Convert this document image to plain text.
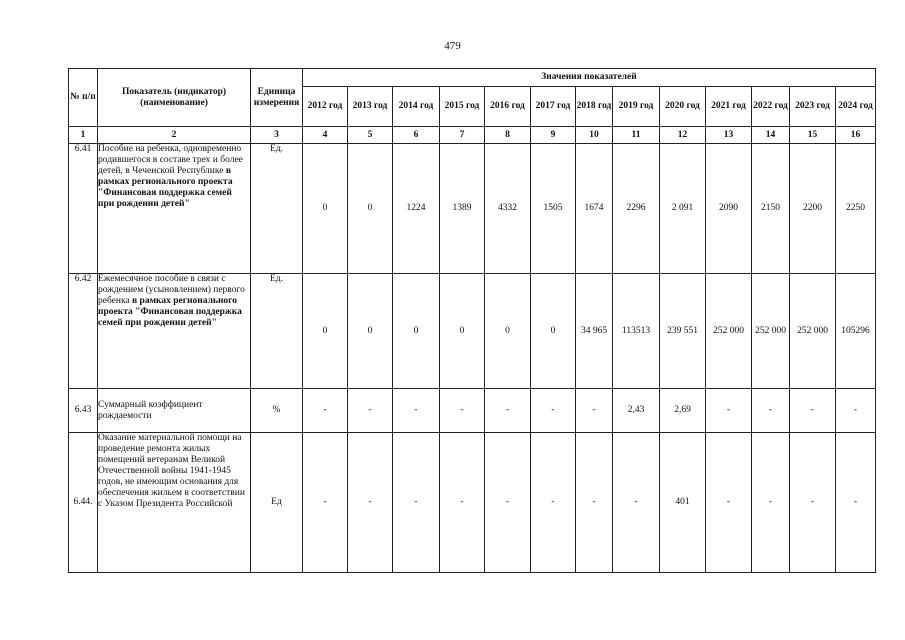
479
№ п/п	Показатель (индикатор) (наименование)	Единица измерения	Значения показателей												
			2012 год	2013 год	2014 год	2015 год	2016 год	2017 год	2018 год	2019 год	2020 год	2021 год	2022 год	2023 год	2024 год
1	2	3	4	5	6	7	8	9	10	11	12	13	14	15	16
6.41	Пособие на ребенка, одновременно родившегося в составе трех и более детей, в Чеченской Республике в рамках регионального проекта "Финансовая поддержка семей при рождении детей"	Ед.	0	0	1224	1389	4332	1505	1674	2296	2 091	2090	2150	2200	2250
6.42	Ежемесячное пособие в связи с рождением (усыновлением) первого ребенка в рамках регионального проекта "Финансовая поддержка семей при рождении детей"	Ед.	0	0	0	0	0	0	34 965	113513	239 551	252 000	252 000	252 000	105296
6.43	Суммарный коэффициент рождаемости	%	-	-	-	-	-	-	-	2,43	2,69	-	-	-	-
6.44.	Оказание материальной помощи на проведение ремонта жилых помещений ветеранам Великой Отечественной войны 1941-1945 годов, не имеющим основания для обеспечения жильем в соответствии с Указом Президента Российской	Ед	-	-	-	-	-	-	-	-	401	-	-	-	-
